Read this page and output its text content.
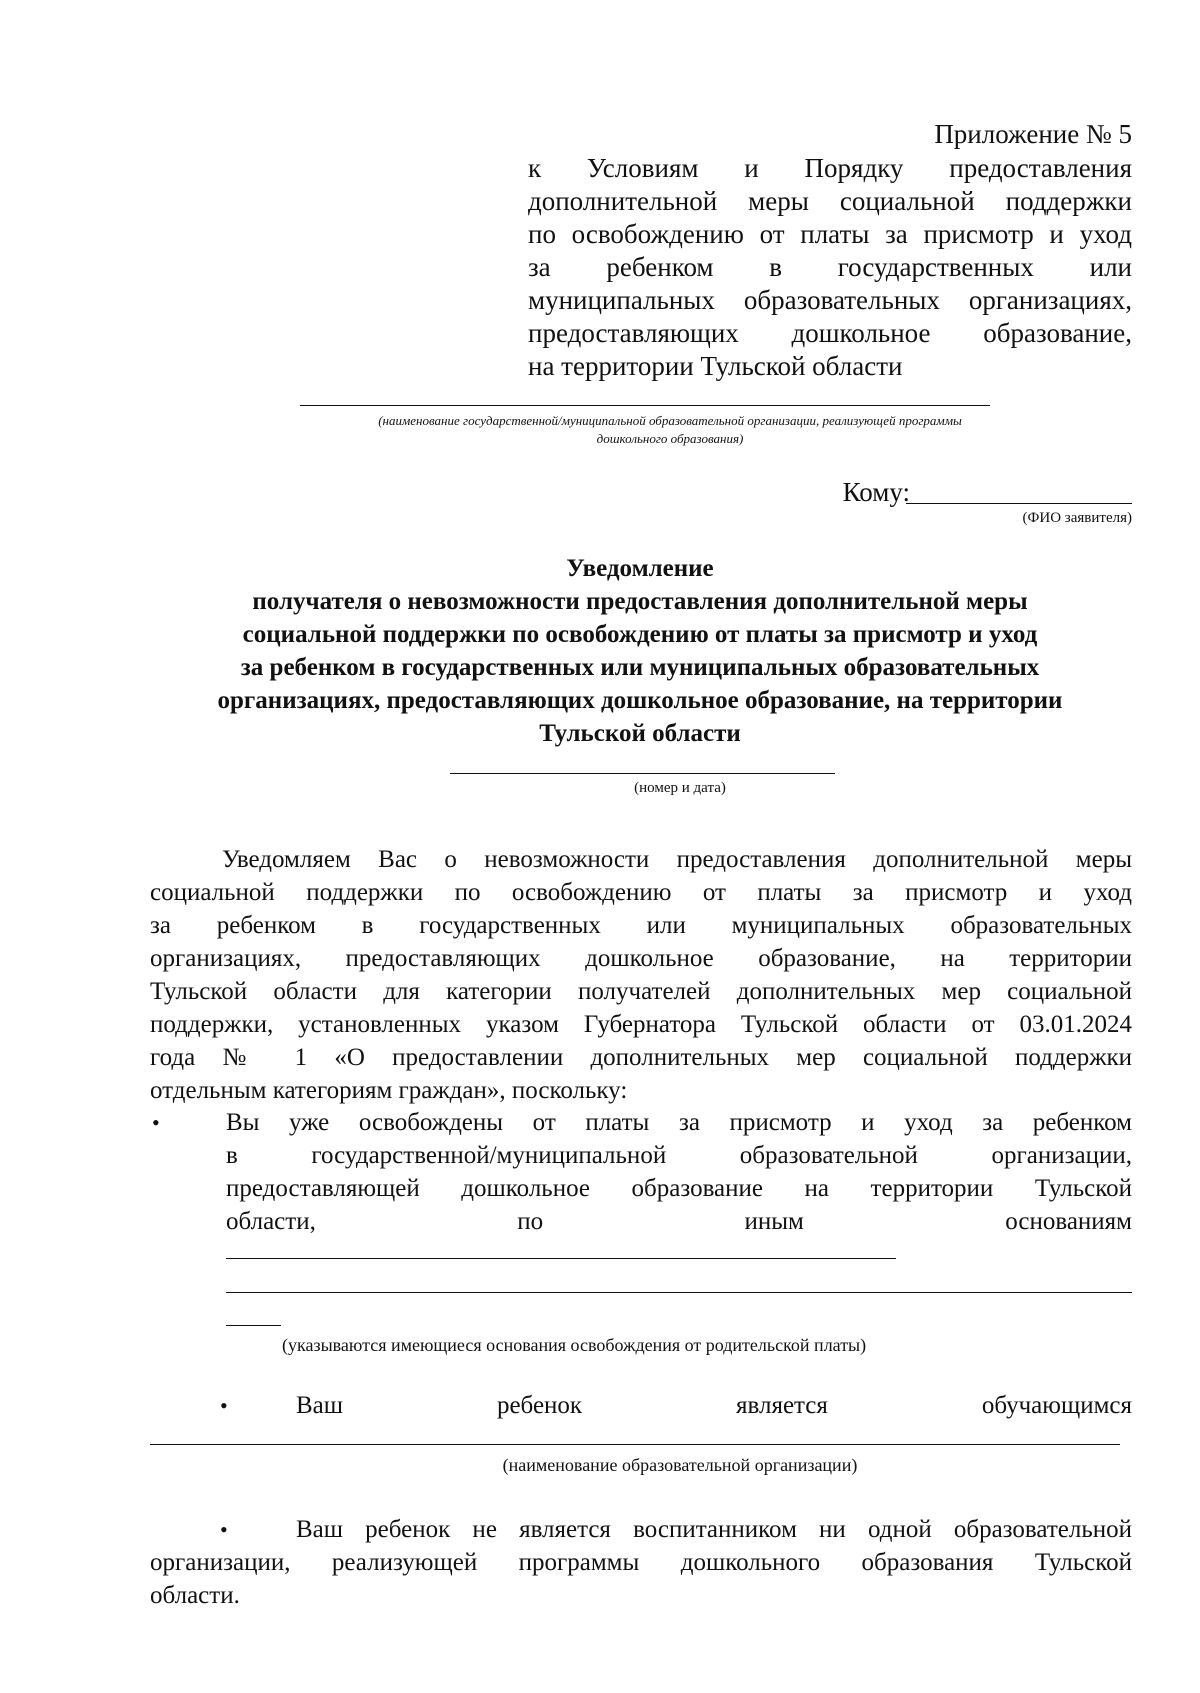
Приложение № 5
к Условиям и Порядку предоставления
дополнительной меры социальной поддержки
по освобождению от платы за присмотр и уход
за ребенком в государственных или
муниципальных образовательных организациях,
предоставляющих дошкольное образование,
на территории Тульской области
(наименование государственной/муниципальной образовательной организации, реализующей программы
дошкольного образования)
Кому:
(ФИО заявителя)
Уведомление
получателя о невозможности предоставления дополнительной меры
социальной поддержки по освобождению от платы за присмотр и уход
за ребенком в государственных или муниципальных образовательных
организациях, предоставляющих дошкольное образование, на территории
Тульской области
(номер и дата)
Уведомляем Вас о невозможности предоставления дополнительной меры
социальной поддержки по освобождению от платы за присмотр и уход
за ребенком в государственных или муниципальных образовательных
организациях, предоставляющих дошкольное образование, на территории
Тульской области для категории получателей дополнительных мер социальной
поддержки, установленных указом Губернатора Тульской области от 03.01.2024
года № 1 «О предоставлении дополнительных мер социальной поддержки
отдельным категориям граждан», поскольку:
•	Вы уже освобождены от платы за присмотр и уход за ребенком
в государственной/муниципальной образовательной организации,
предоставляющей дошкольное образование на территории Тульской
области, по иным основаниям
(указываются имеющиеся основания освобождения от родительской платы)
•	Ваш ребенок является обучающимся
(наименование образовательной организации)
•	Ваш ребенок не является воспитанником ни одной образовательной
организации, реализующей программы дошкольного образования Тульской
области.
